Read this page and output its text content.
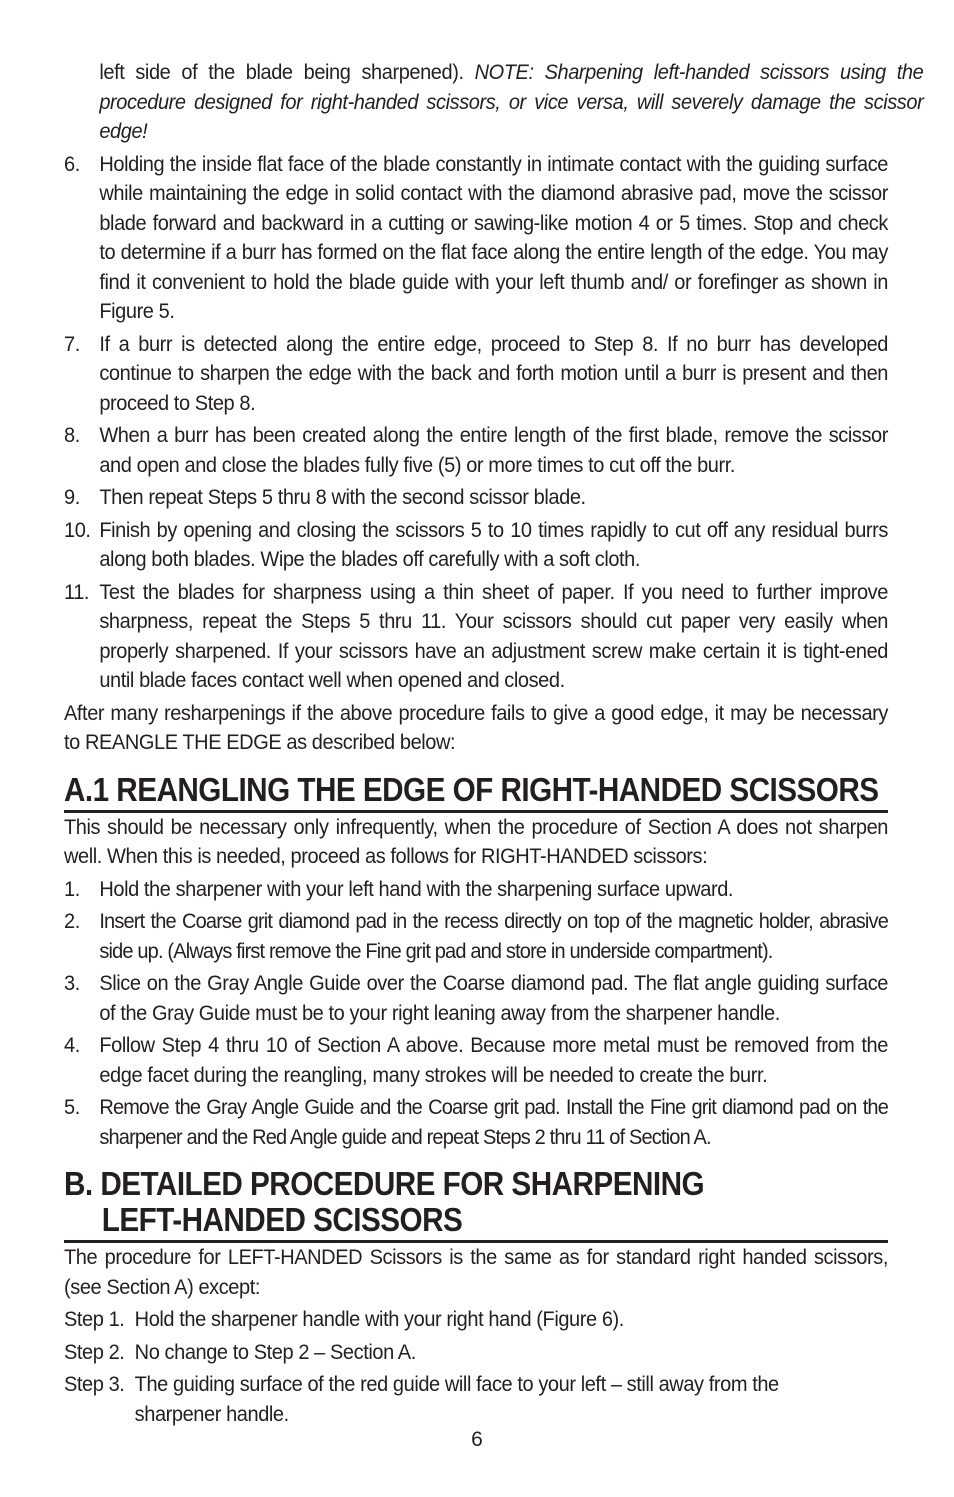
left side of the blade being sharpened). NOTE: Sharpening left-handed scissors using the procedure designed for right-handed scissors, or vice versa, will severely damage the scissor edge!
6. Holding the inside flat face of the blade constantly in intimate contact with the guiding surface while maintaining the edge in solid contact with the diamond abrasive pad, move the scissor blade forward and backward in a cutting or sawing-like motion 4 or 5 times. Stop and check to determine if a burr has formed on the flat face along the entire length of the edge. You may find it convenient to hold the blade guide with your left thumb and/ or forefinger as shown in Figure 5.
7. If a burr is detected along the entire edge, proceed to Step 8. If no burr has developed continue to sharpen the edge with the back and forth motion until a burr is present and then proceed to Step 8.
8. When a burr has been created along the entire length of the first blade, remove the scissor and open and close the blades fully five (5) or more times to cut off the burr.
9. Then repeat Steps 5 thru 8 with the second scissor blade.
10. Finish by opening and closing the scissors 5 to 10 times rapidly to cut off any residual burrs along both blades. Wipe the blades off carefully with a soft cloth.
11. Test the blades for sharpness using a thin sheet of paper. If you need to further improve sharpness, repeat the Steps 5 thru 11. Your scissors should cut paper very easily when properly sharpened. If your scissors have an adjustment screw make certain it is tight-ened until blade faces contact well when opened and closed.
After many resharpenings if the above procedure fails to give a good edge, it may be necessary to REANGLE THE EDGE as described below:
A.1 REANGLING THE EDGE OF RIGHT-HANDED SCISSORS
This should be necessary only infrequently, when the procedure of Section A does not sharpen well. When this is needed, proceed as follows for RIGHT-HANDED scissors:
1. Hold the sharpener with your left hand with the sharpening surface upward.
2. Insert the Coarse grit diamond pad in the recess directly on top of the magnetic holder, abrasive side up. (Always first remove the Fine grit pad and store in underside compartment).
3. Slice on the Gray Angle Guide over the Coarse diamond pad. The flat angle guiding surface of the Gray Guide must be to your right leaning away from the sharpener handle.
4. Follow Step 4 thru 10 of Section A above. Because more metal must be removed from the edge facet during the reangling, many strokes will be needed to create the burr.
5. Remove the Gray Angle Guide and the Coarse grit pad. Install the Fine grit diamond pad on the sharpener and the Red Angle guide and repeat Steps 2 thru 11 of Section A.
B. DETAILED PROCEDURE FOR SHARPENING
LEFT-HANDED SCISSORS
The procedure for LEFT-HANDED Scissors is the same as for standard right handed scissors, (see Section A) except:
Step 1. Hold the sharpener handle with your right hand (Figure 6).
Step 2. No change to Step 2 – Section A.
Step 3. The guiding surface of the red guide will face to your left – still away from the sharpener handle.
6
